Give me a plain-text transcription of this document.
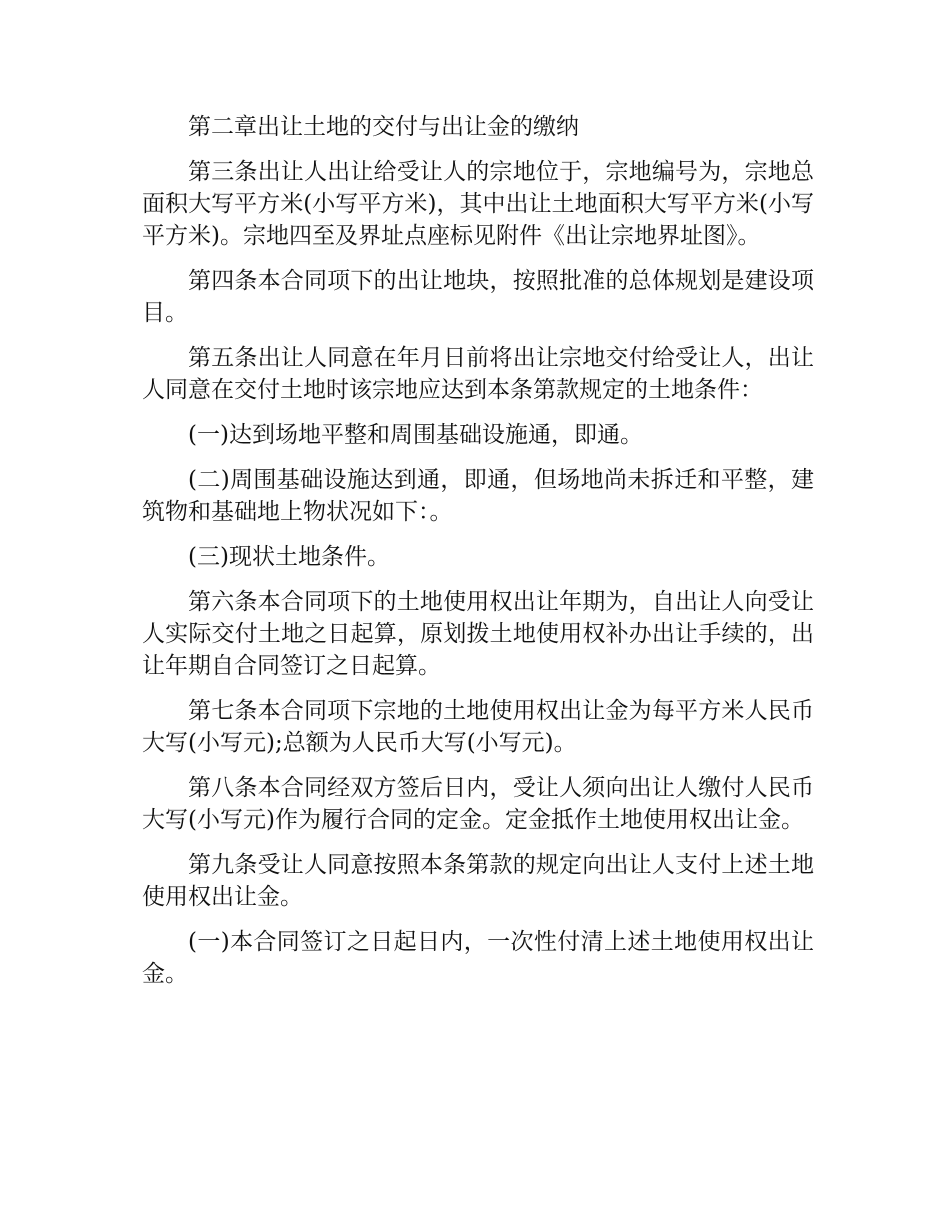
第二章出让土地的交付与出让金的缴纳

第三条出让人出让给受让人的宗地位于，宗地编号为，宗地总面积大写平方米(小写平方米)，其中出让土地面积大写平方米(小写平方米)。宗地四至及界址点座标见附件《出让宗地界址图》。

第四条本合同项下的出让地块，按照批准的总体规划是建设项目。

第五条出让人同意在年月日前将出让宗地交付给受让人，出让人同意在交付土地时该宗地应达到本条第款规定的土地条件：

(一)达到场地平整和周围基础设施通，即通。

(二)周围基础设施达到通，即通，但场地尚未拆迁和平整，建筑物和基础地上物状况如下：。

(三)现状土地条件。

第六条本合同项下的土地使用权出让年期为，自出让人向受让人实际交付土地之日起算，原划拨土地使用权补办出让手续的，出让年期自合同签订之日起算。

第七条本合同项下宗地的土地使用权出让金为每平方米人民币大写(小写元);总额为人民币大写(小写元)。

第八条本合同经双方签后日内，受让人须向出让人缴付人民币大写(小写元)作为履行合同的定金。定金抵作土地使用权出让金。

第九条受让人同意按照本条第款的规定向出让人支付上述土地使用权出让金。

(一)本合同签订之日起日内，一次性付清上述土地使用权出让金。
